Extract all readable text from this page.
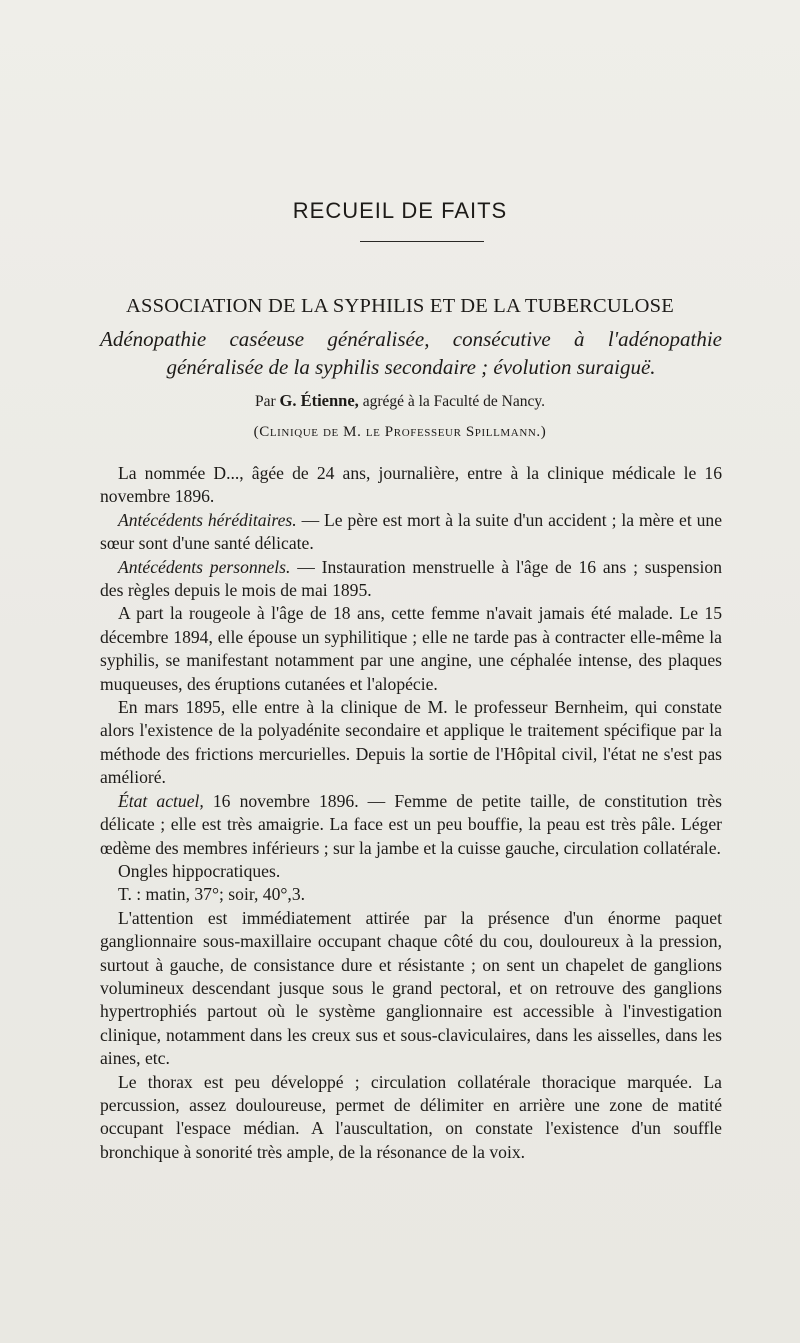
RECUEIL DE FAITS
ASSOCIATION DE LA SYPHILIS ET DE LA TUBERCULOSE

Adénopathie caséeuse généralisée, consécutive à l'adénopathie généralisée de la syphilis secondaire ; évolution suraiguë.

Par G. Étienne, agrégé à la Faculté de Nancy.

(Clinique de M. le Professeur Spillmann.)

La nommée D..., âgée de 24 ans, journalière, entre à la clinique médicale le 16 novembre 1896.

Antécédents héréditaires. — Le père est mort à la suite d'un accident ; la mère et une sœur sont d'une santé délicate.

Antécédents personnels. — Instauration menstruelle à l'âge de 16 ans ; suspension des règles depuis le mois de mai 1895.

A part la rougeole à l'âge de 18 ans, cette femme n'avait jamais été malade. Le 15 décembre 1894, elle épouse un syphilitique ; elle ne tarde pas à contracter elle-même la syphilis, se manifestant notamment par une angine, une céphalée intense, des plaques muqueuses, des éruptions cutanées et l'alopécie.

En mars 1895, elle entre à la clinique de M. le professeur Bernheim, qui constate alors l'existence de la polyadénite secondaire et applique le traitement spécifique par la méthode des frictions mercurielles. Depuis la sortie de l'Hôpital civil, l'état ne s'est pas amélioré.

État actuel, 16 novembre 1896. — Femme de petite taille, de constitution très délicate ; elle est très amaigrie. La face est un peu bouffie, la peau est très pâle. Léger œdème des membres inférieurs ; sur la jambe et la cuisse gauche, circulation collatérale.

Ongles hippocratiques.

T. : matin, 37°; soir, 40°,3.

L'attention est immédiatement attirée par la présence d'un énorme paquet ganglionnaire sous-maxillaire occupant chaque côté du cou, douloureux à la pression, surtout à gauche, de consistance dure et résistante ; on sent un chapelet de ganglions volumineux descendant jusque sous le grand pectoral, et on retrouve des ganglions hypertrophiés partout où le système ganglionnaire est accessible à l'investigation clinique, notamment dans les creux sus et sous-claviculaires, dans les aisselles, dans les aines, etc.

Le thorax est peu développé ; circulation collatérale thoracique marquée. La percussion, assez douloureuse, permet de délimiter en arrière une zone de matité occupant l'espace médian. A l'auscultation, on constate l'existence d'un souffle bronchique à sonorité très ample, de la résonance de la voix.
